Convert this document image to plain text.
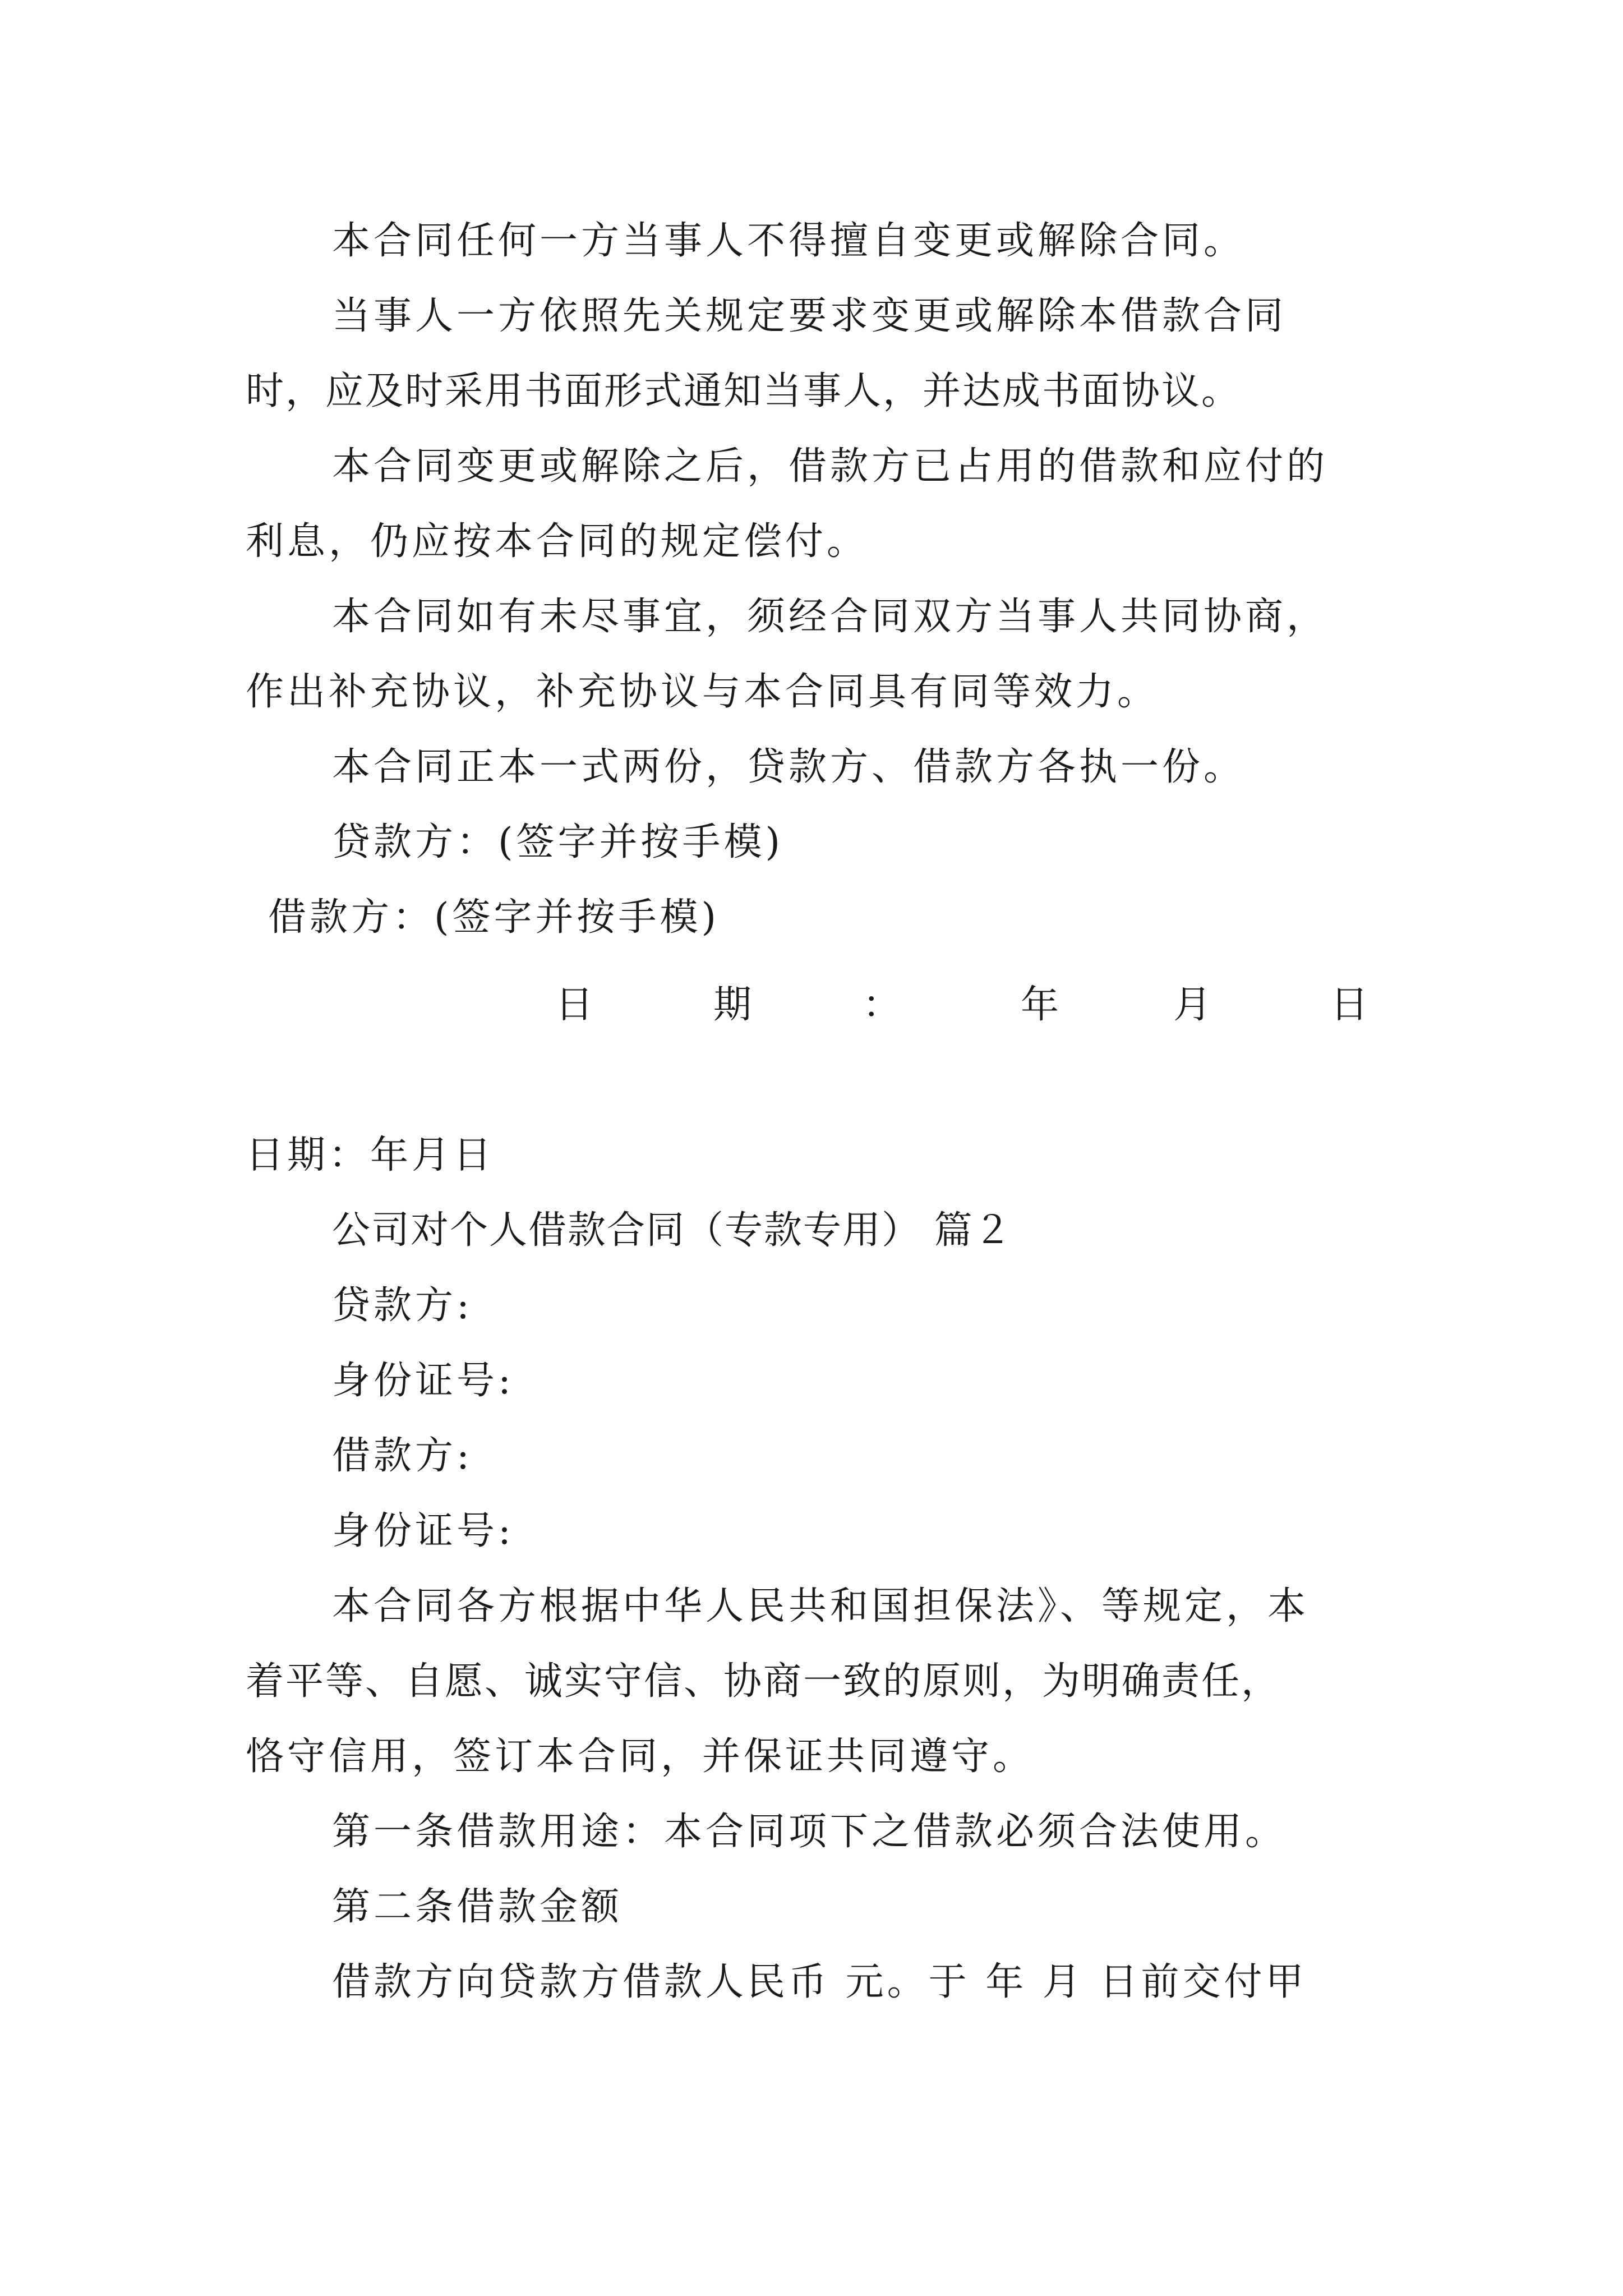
本合同任何一方当事人不得擅自变更或解除合同。
当事人一方依照先关规定要求变更或解除本借款合同
时，应及时采用书面形式通知当事人，并达成书面协议。
本合同变更或解除之后，借款方已占用的借款和应付的
利息，仍应按本合同的规定偿付。
本合同如有未尽事宜，须经合同双方当事人共同协商，
作出补充协议，补充协议与本合同具有同等效力。
本合同正本一式两份，贷款方、借款方各执一份。
贷款方：(签字并按手模)
借款方：(签字并按手模)
日	期	：	年	月	日
日期：年月日
公司对个人借款合同（专款专用） 篇２
贷款方:
身份证号:
借款方:
身份证号:
本合同各方根据中华人民共和国担保法》、等规定，本
着平等、自愿、诚实守信、协商一致的原则，为明确责任，
恪守信用，签订本合同，并保证共同遵守。
第一条借款用途：本合同项下之借款必须合法使用。
第二条借款金额
借款方向贷款方借款人民币 元。于 年 月 日前交付甲
